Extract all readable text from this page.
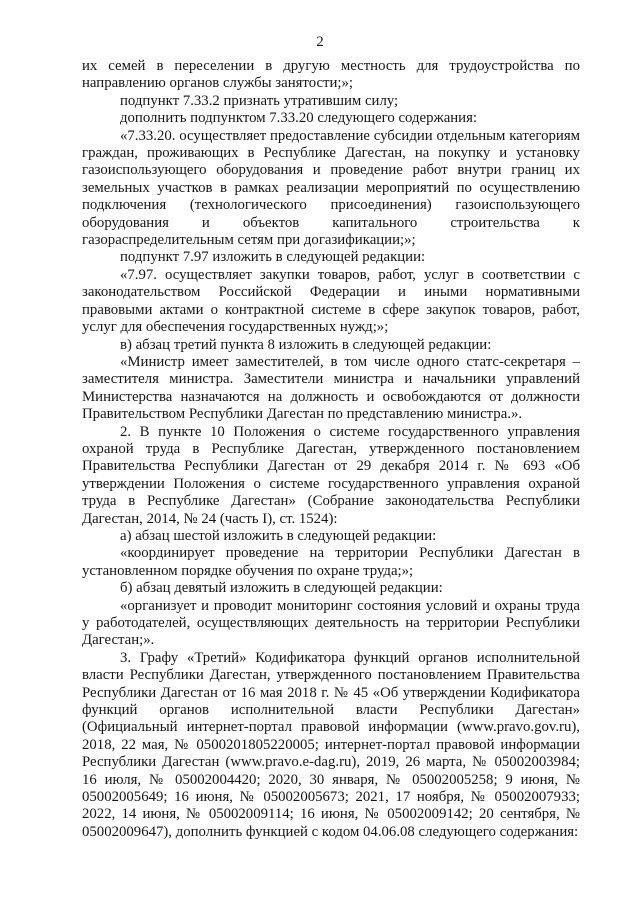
2

их семей в переселении в другую местность для трудоустройства по направлению органов службы занятости;»;

подпункт 7.33.2 признать утратившим силу;

дополнить подпунктом 7.33.20 следующего содержания:

«7.33.20. осуществляет предоставление субсидии отдельным категориям граждан, проживающих в Республике Дагестан, на покупку и установку газоиспользующего оборудования и проведение работ внутри границ их земельных участков в рамках реализации мероприятий по осуществлению подключения (технологического присоединения) газоиспользующего оборудования и объектов капитального строительства к газораспределительным сетям при догазификации;»;

подпункт 7.97 изложить в следующей редакции:

«7.97. осуществляет закупки товаров, работ, услуг в соответствии с законодательством Российской Федерации и иными нормативными правовыми актами о контрактной системе в сфере закупок товаров, работ, услуг для обеспечения государственных нужд;»;

в) абзац третий пункта 8 изложить в следующей редакции:

«Министр имеет заместителей, в том числе одного статс-секретаря – заместителя министра. Заместители министра и начальники управлений Министерства назначаются на должность и освобождаются от должности Правительством Республики Дагестан по представлению министра.».

2. В пункте 10 Положения о системе государственного управления охраной труда в Республике Дагестан, утвержденного постановлением Правительства Республики Дагестан от 29 декабря 2014 г. № 693 «Об утверждении Положения о системе государственного управления охраной труда в Республике Дагестан» (Собрание законодательства Республики Дагестан, 2014, № 24 (часть I), ст. 1524):

а) абзац шестой изложить в следующей редакции:

«координирует проведение на территории Республики Дагестан в установленном порядке обучения по охране труда;»;

б) абзац девятый изложить в следующей редакции:

«организует и проводит мониторинг состояния условий и охраны труда у работодателей, осуществляющих деятельность на территории Республики Дагестан;».

3. Графу «Третий» Кодификатора функций органов исполнительной власти Республики Дагестан, утвержденного постановлением Правительства Республики Дагестан от 16 мая 2018 г. № 45 «Об утверждении Кодификатора функций органов исполнительной власти Республики Дагестан» (Официальный интернет-портал правовой информации (www.pravo.gov.ru), 2018, 22 мая, № 0500201805220005; интернет-портал правовой информации Республики Дагестан (www.pravo.e-dag.ru), 2019, 26 марта, № 05002003984; 16 июля, № 05002004420; 2020, 30 января, № 05002005258; 9 июня, № 05002005649; 16 июня, № 05002005673; 2021, 17 ноября, № 05002007933; 2022, 14 июня, № 05002009114; 16 июня, № 05002009142; 20 сентября, № 05002009647), дополнить функцией с кодом 04.06.08 следующего содержания:
